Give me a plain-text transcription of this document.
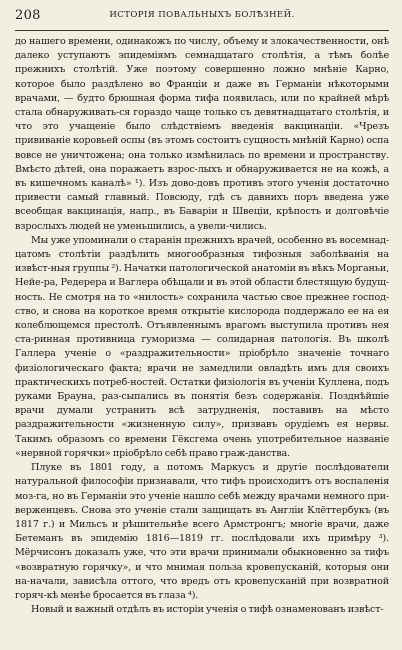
208	ИСТОРІЯ ПОВАЛЬНЫХЪ БОЛѢЗНЕЙ.

до нашего времени, одинакожъ по числу, объему и злокачественности, онѣ далеко уступаютъ эпидеміямъ семнадцатаго столѣтія, а тѣмъ болѣе прежнихъ столѣтій. Уже поэтому совершенно ложно мнѣніе Карно, которое было раздѣлено во Франціи и даже въ Германіи нѣкоторыми врачами, — будто брюшная форма тифа появилась, или по крайней мѣрѣ стала обнаруживать-ся гораздо чаще только съ девятнадцатаго столѣтія, и что это учащеніе было слѣдствіемъ введенія вакцинаціи. «Чрезъ прививаніе коровьей оспы (въ этомъ состоитъ сущность мнѣній Карно) оспа вовсе не уничтожена; она только измѣнилась по времени и пространству. Вмѣсто дѣтей, она поражаетъ взрос-лыхъ и обнаруживается не на кожѣ, а въ кишечномъ каналѣ» ¹). Изъ дово-довъ противъ этого ученія достаточно привести самый главный. Повсюду, гдѣ съ давнихъ поръ введена уже всеобщая вакцинація, напр., въ Баваріи и Швеціи, крѣпость и долговѣчіе взрослыхъ людей не уменьшились, а увели-чились.

Мы уже упоминали о старанін прежнихъ врачей, особенно въ восемнад-цатомъ столѣтіи раздѣлить многообразныя тифозныя заболѣванія на извѣст-ныя группы ²). Начатки патологической анатоміи въ вѣкъ Морганьи, Нейе-ра, Редерера и Ваглера обѣщали и въ этой области блестящую будущ-ность. Не смотря на то «нилость» сохранила частью свое прежнее господ-ство, и снова на короткое время открытіе кислорода поддержало ее на ея колеблющемся престолѣ. Отъявленнымъ врагомъ выступила противъ нея ста-ринная противница гуморизма — солидарная патологія. Въ школѣ Галлера ученіе о «раздражительности» пріобрѣло значеніе точнаго физіологическаго факта; врачи не замедлили овладѣть имъ для своихъ практическихъ потреб-ностей. Остатки физіологія въ ученіи Куллена, подъ руками Брауна, раз-сыпались въ понятія безъ содержанія. Позднѣйшіе врачи думали устранить всѣ затрудненія, поставивъ на мѣсто раздражительности «жизненную силу», призвавъ орудіемъ ея нервы. Такимъ образомъ со времени Гёксгема очень употребительное названіе «нервной горячки» пріобрѣло себѣ право граж-данства.

Плуке въ 1801 году, а потомъ Маркусъ и другіе послѣдователи натуральной философіи признавали, что тифъ происходитъ отъ воспаленія моз-га, но въ Германіи это ученіе нашло себѣ между врачами немного при-верженцевъ. Снова это ученіе стали защищать въ Англіи Клёттербукъ (въ 1817 г.) и Мильсъ и рѣшительнѣе всего Армстронгъ; многіе врачи, даже Бетеманъ въ эпидемію 1816—1819 гг. послѣдовали ихъ примѣру ³). Мёрчисонъ доказалъ уже, что эти врачи принимали обыкновенно за тифъ «возвратную горячку», и что мнимая польза кровепусканій, которыя они на-начали, зависѣла оттого, что вредъ отъ кровепусканій при возвратной горяч-кѣ менѣе бросается въ глаза ⁴).

Новый и важный отдѣлъ въ исторіи ученія о тифѣ ознаменованъ извѣст-
